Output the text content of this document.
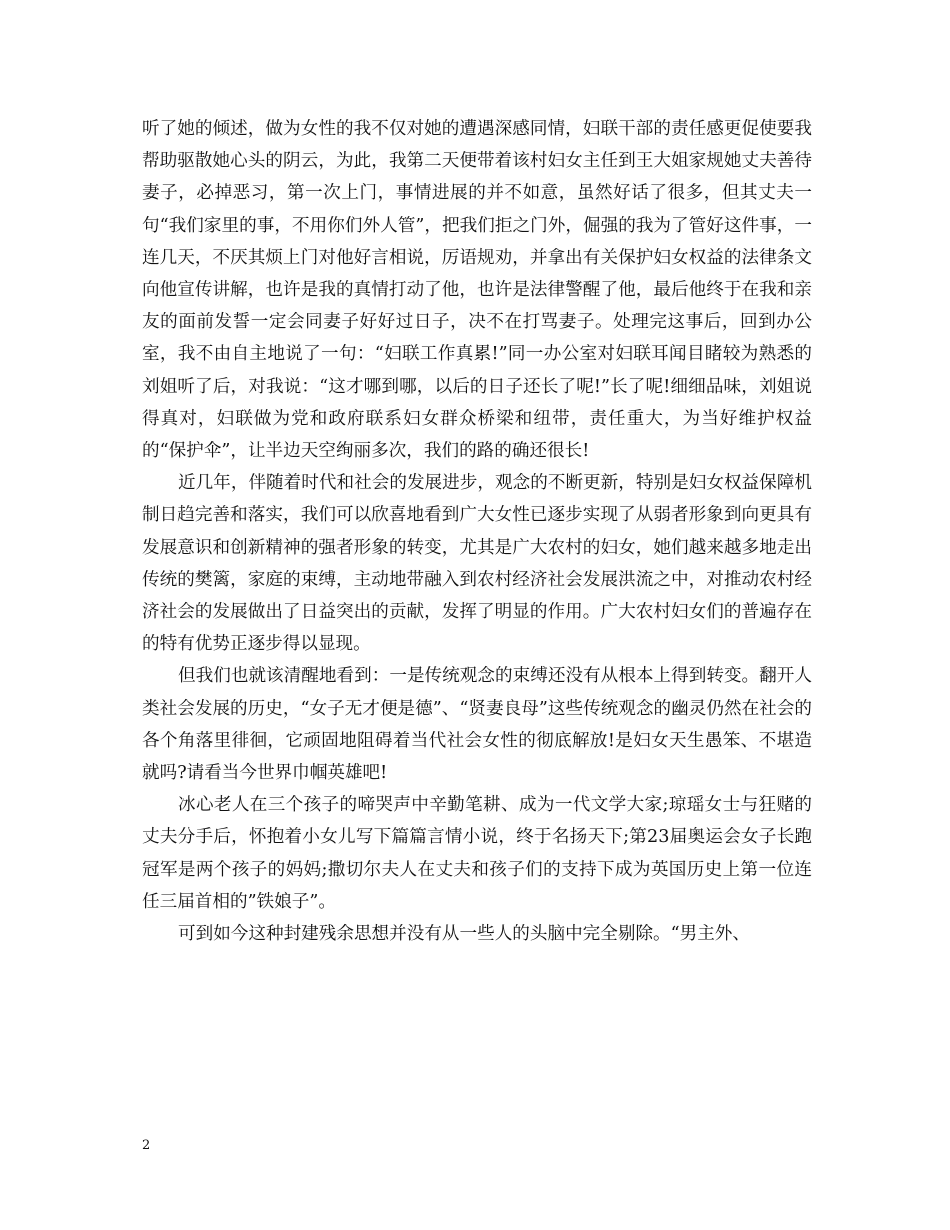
听了她的倾述，做为女性的我不仅对她的遭遇深感同情，妇联干部的责任感更促使要我帮助驱散她心头的阴云，为此，我第二天便带着该村妇女主任到王大姐家规她丈夫善待妻子，必掉恶习，第一次上门，事情进展的并不如意，虽然好话了很多，但其丈夫一句“我们家里的事，不用你们外人管”，把我们拒之门外，倔强的我为了管好这件事，一连几天，不厌其烦上门对他好言相说，厉语规劝，并拿出有关保护妇女权益的法律条文向他宣传讲解，也许是我的真情打动了他，也许是法律警醒了他，最后他终于在我和亲友的面前发誓一定会同妻子好好过日子，决不在打骂妻子。处理完这事后，回到办公室，我不由自主地说了一句：“妇联工作真累!”同一办公室对妇联耳闻目睹较为熟悉的刘姐听了后，对我说：“这才哪到哪，以后的日子还长了呢!”长了呢!细细品味，刘姐说得真对，妇联做为党和政府联系妇女群众桥梁和纽带，责任重大，为当好维护权益的“保护伞”，让半边天空绚丽多次，我们的路的确还很长!

近几年，伴随着时代和社会的发展进步，观念的不断更新，特别是妇女权益保障机制日趋完善和落实，我们可以欣喜地看到广大女性已逐步实现了从弱者形象到向更具有发展意识和创新精神的强者形象的转变，尤其是广大农村的妇女，她们越来越多地走出传统的樊篱，家庭的束缚，主动地带融入到农村经济社会发展洪流之中，对推动农村经济社会的发展做出了日益突出的贡献，发挥了明显的作用。广大农村妇女们的普遍存在的特有优势正逐步得以显现。

但我们也就该清醒地看到：一是传统观念的束缚还没有从根本上得到转变。翻开人类社会发展的历史，“女子无才便是德”、“贤妻良母”这些传统观念的幽灵仍然在社会的各个角落里徘徊，它顽固地阻碍着当代社会女性的彻底解放!是妇女天生愚笨、不堪造就吗?请看当今世界巾帼英雄吧!

冰心老人在三个孩子的啼哭声中辛勤笔耕、成为一代文学大家;琼瑶女士与狂赌的丈夫分手后，怀抱着小女儿写下篇篇言情小说，终于名扬天下;第23届奥运会女子长跑冠军是两个孩子的妈妈;撒切尔夫人在丈夫和孩子们的支持下成为英国历史上第一位连任三届首相的”铁娘子”。

可到如今这种封建残余思想并没有从一些人的头脑中完全剔除。“男主外、

2
